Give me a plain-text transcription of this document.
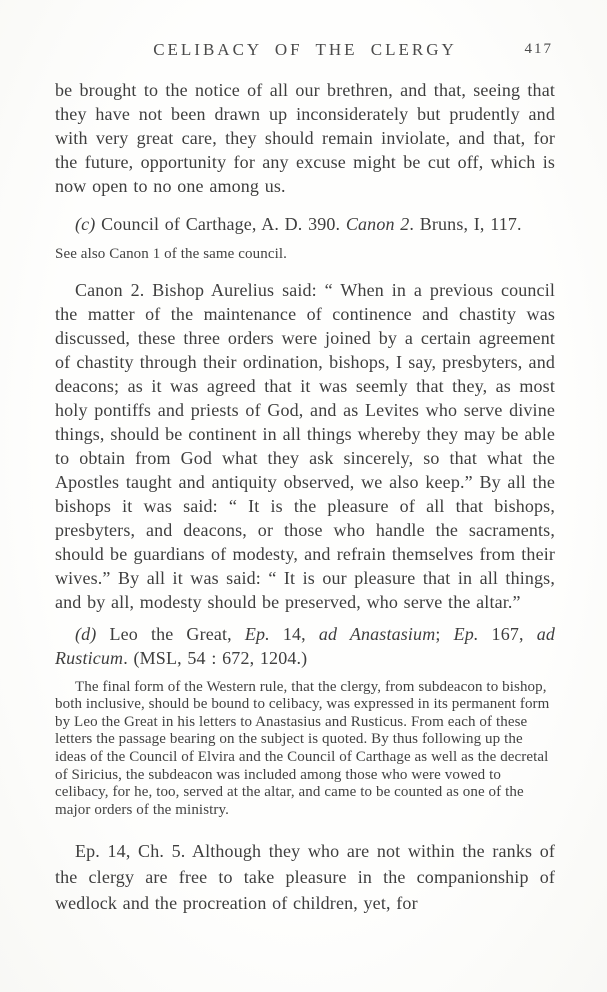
CELIBACY OF THE CLERGY	417

be brought to the notice of all our brethren, and that, seeing that they have not been drawn up inconsiderately but prudently and with very great care, they should remain inviolate, and that, for the future, opportunity for any excuse might be cut off, which is now open to no one among us.

(c) Council of Carthage, A. D. 390. Canon 2. Bruns, I, 117.

See also Canon 1 of the same council.

Canon 2. Bishop Aurelius said: “ When in a previous council the matter of the maintenance of continence and chastity was discussed, these three orders were joined by a certain agreement of chastity through their ordination, bishops, I say, presbyters, and deacons; as it was agreed that it was seemly that they, as most holy pontiffs and priests of God, and as Levites who serve divine things, should be continent in all things whereby they may be able to obtain from God what they ask sincerely, so that what the Apostles taught and antiquity observed, we also keep.” By all the bishops it was said: “ It is the pleasure of all that bishops, presbyters, and deacons, or those who handle the sacraments, should be guardians of modesty, and refrain themselves from their wives.” By all it was said: “ It is our pleasure that in all things, and by all, modesty should be preserved, who serve the altar.”

(d) Leo the Great, Ep. 14, ad Anastasium; Ep. 167, ad Rusticum. (MSL, 54 : 672, 1204.)

The final form of the Western rule, that the clergy, from subdeacon to bishop, both inclusive, should be bound to celibacy, was expressed in its permanent form by Leo the Great in his letters to Anastasius and Rusticus. From each of these letters the passage bearing on the subject is quoted. By thus following up the ideas of the Council of Elvira and the Council of Carthage as well as the decretal of Siricius, the subdeacon was included among those who were vowed to celibacy, for he, too, served at the altar, and came to be counted as one of the major orders of the ministry.

Ep. 14, Ch. 5. Although they who are not within the ranks of the clergy are free to take pleasure in the companionship of wedlock and the procreation of children, yet, for
